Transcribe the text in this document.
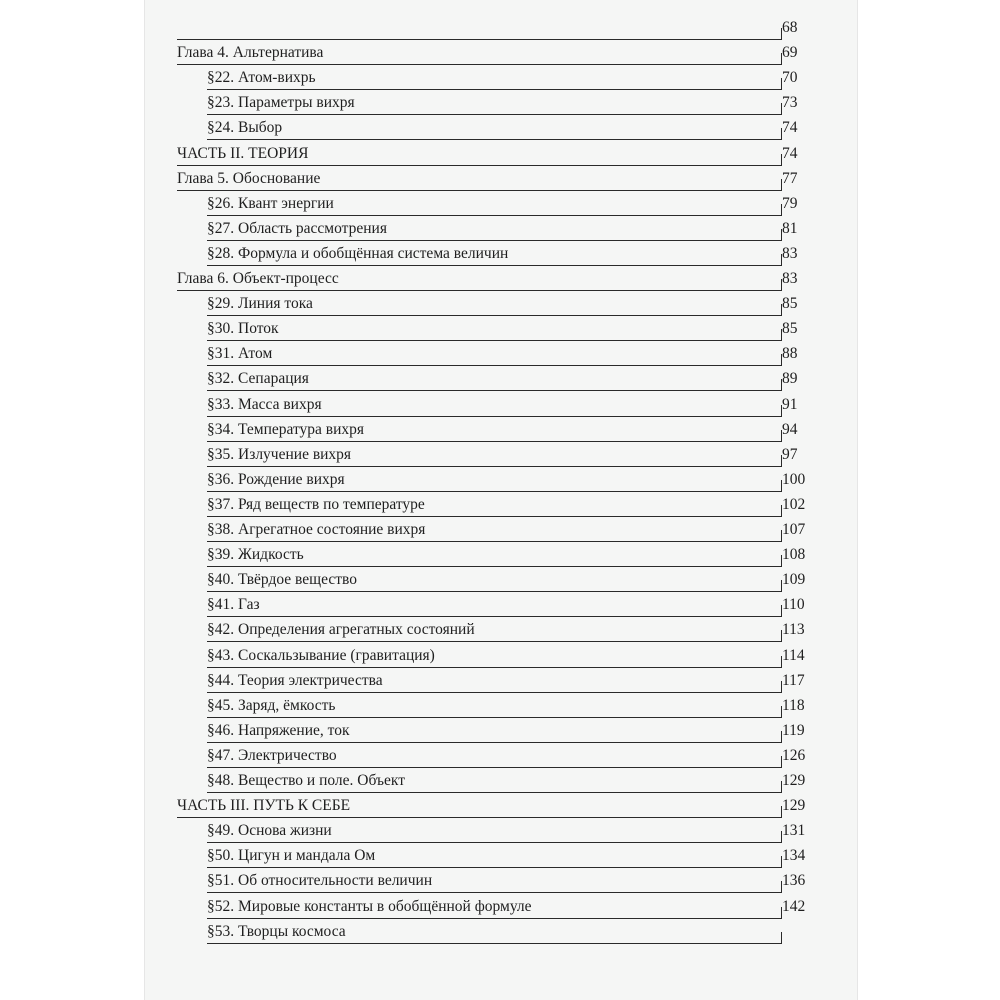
68
Глава 4. Альтернатива	69
§22. Атом-вихрь	70
§23. Параметры вихря	73
§24. Выбор	74
ЧАСТЬ II. ТЕОРИЯ	74
Глава 5. Обоснование	77
§26. Квант энергии	79
§27. Область рассмотрения	81
§28. Формула и обобщённая система величин	83
Глава 6. Объект-процесс	83
§29. Линия тока	85
§30. Поток	85
§31. Атом	88
§32. Сепарация	89
§33. Масса вихря	91
§34. Температура вихря	94
§35. Излучение вихря	97
§36. Рождение вихря	100
§37. Ряд веществ по температуре	102
§38. Агрегатное состояние вихря	107
§39. Жидкость	108
§40. Твёрдое вещество	109
§41. Газ	110
§42. Определения агрегатных состояний	113
§43. Соскальзывание (гравитация)	114
§44. Теория электричества	117
§45. Заряд, ёмкость	118
§46. Напряжение, ток	119
§47. Электричество	126
§48. Вещество и поле. Объект	129
ЧАСТЬ III. ПУТЬ К СЕБЕ	129
§49. Основа жизни	131
§50. Цигун и мандала Ом	134
§51. Об относительности величин	136
§52. Мировые константы в обобщённой формуле	142
§53. Творцы космоса
